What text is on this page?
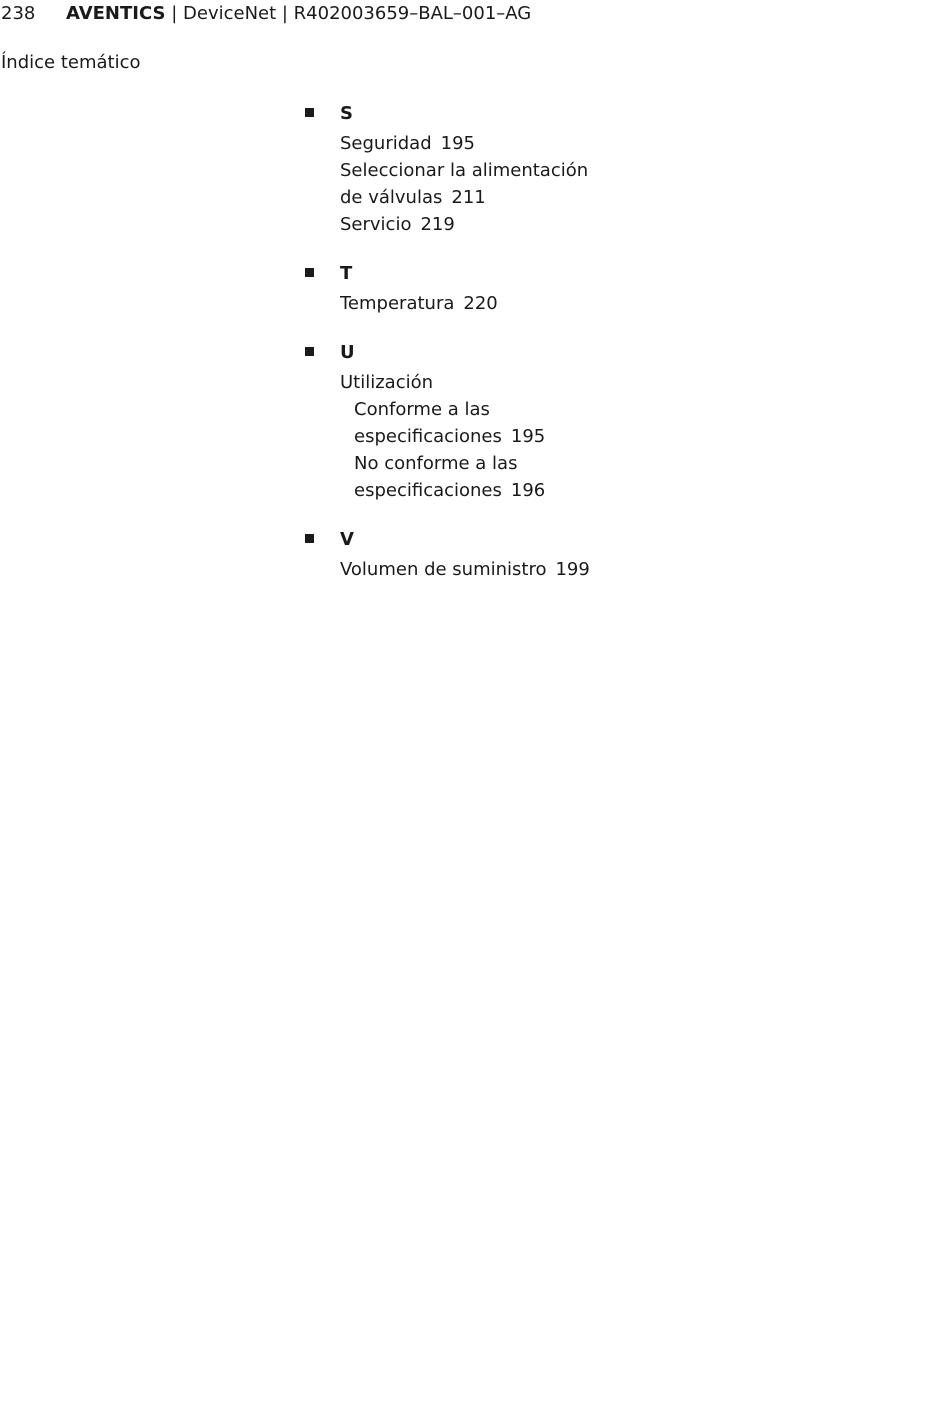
238 AVENTICS | DeviceNet | R402003659–BAL–001–AG
Índice temático
S
Seguridad 195
Seleccionar la alimentación
de válvulas 211
Servicio 219
T
Temperatura 220
U
Utilización
Conforme a las
especificaciones 195
No conforme a las
especificaciones 196
V
Volumen de suministro 199
